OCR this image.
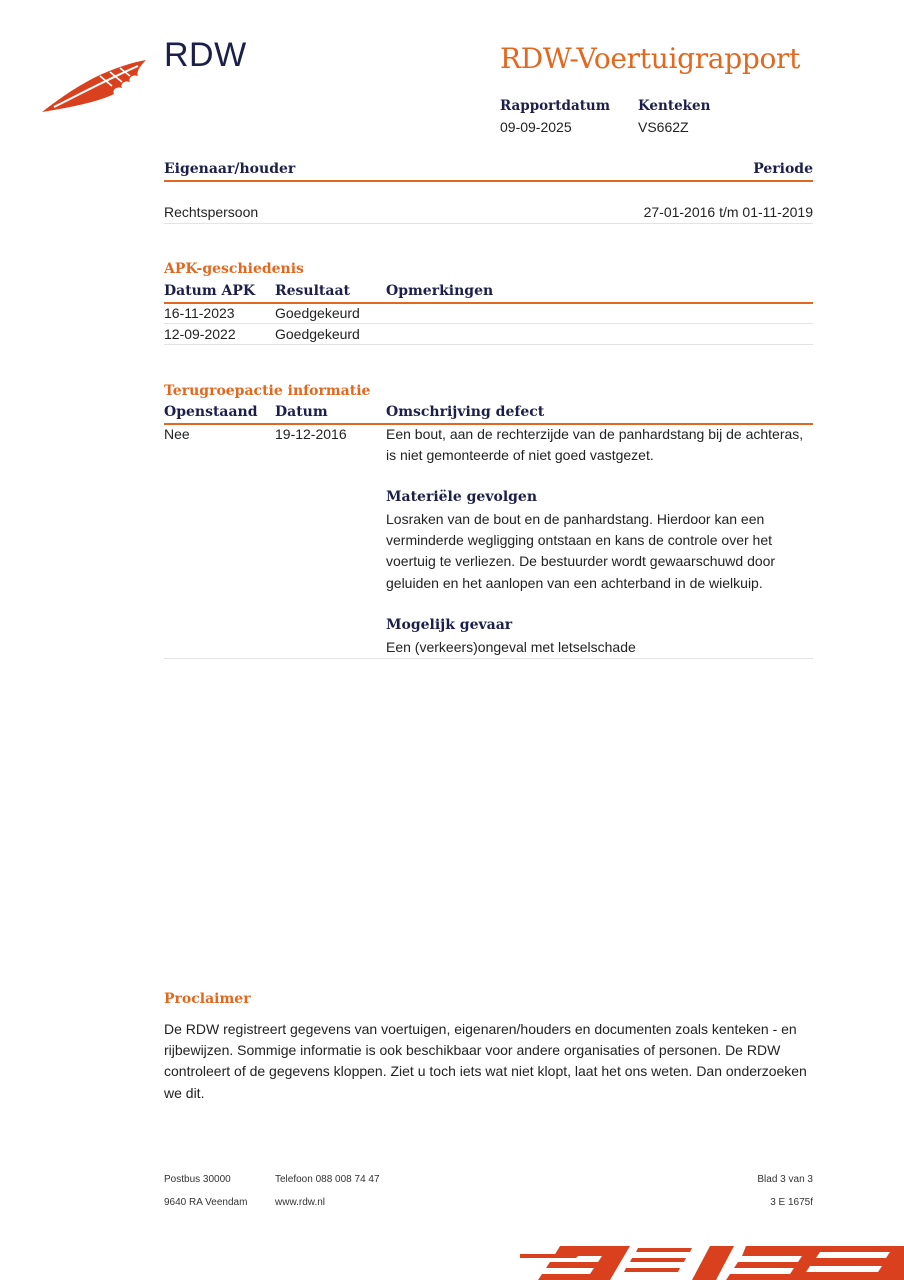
RDW	RDW-Voertuigrapport
Rapportdatum
09-09-2025
Kenteken
VS662Z
Eigenaar/houder	Periode
Rechtspersoon	27-01-2016 t/m 01-11-2019
APK-geschiedenis
Datum APK Resultaat	Opmerkingen
16-11-2023	Goedgekeurd
12-09-2022	Goedgekeurd
Terugroepactie informatie
Openstaand Datum	Omschrijving defect
Nee	19-12-2016	Een bout, aan de rechterzijde van de panhardstang bij de achteras,
is niet gemonteerde of niet goed vastgezet.
Materiële gevolgen
Losraken van de bout en de panhardstang. Hierdoor kan een
verminderde wegligging ontstaan en kans de controle over het
voertuig te verliezen. De bestuurder wordt gewaarschuwd door
geluiden en het aanlopen van een achterband in de wielkuip.
Mogelijk gevaar
Een (verkeers)ongeval met letselschade
Proclaimer
De RDW registreert gegevens van voertuigen, eigenaren/houders en documenten zoals kenteken - en
rijbewijzen. Sommige informatie is ook beschikbaar voor andere organisaties of personen. De RDW
controleert of de gegevens kloppen. Ziet u toch iets wat niet klopt, laat het ons weten. Dan onderzoeken
we dit.
Postbus 30000
9640 RA Veendam
Telefoon 088 008 74 47
www.rdw.nl
Blad 3 van 3
3 E 1675f
